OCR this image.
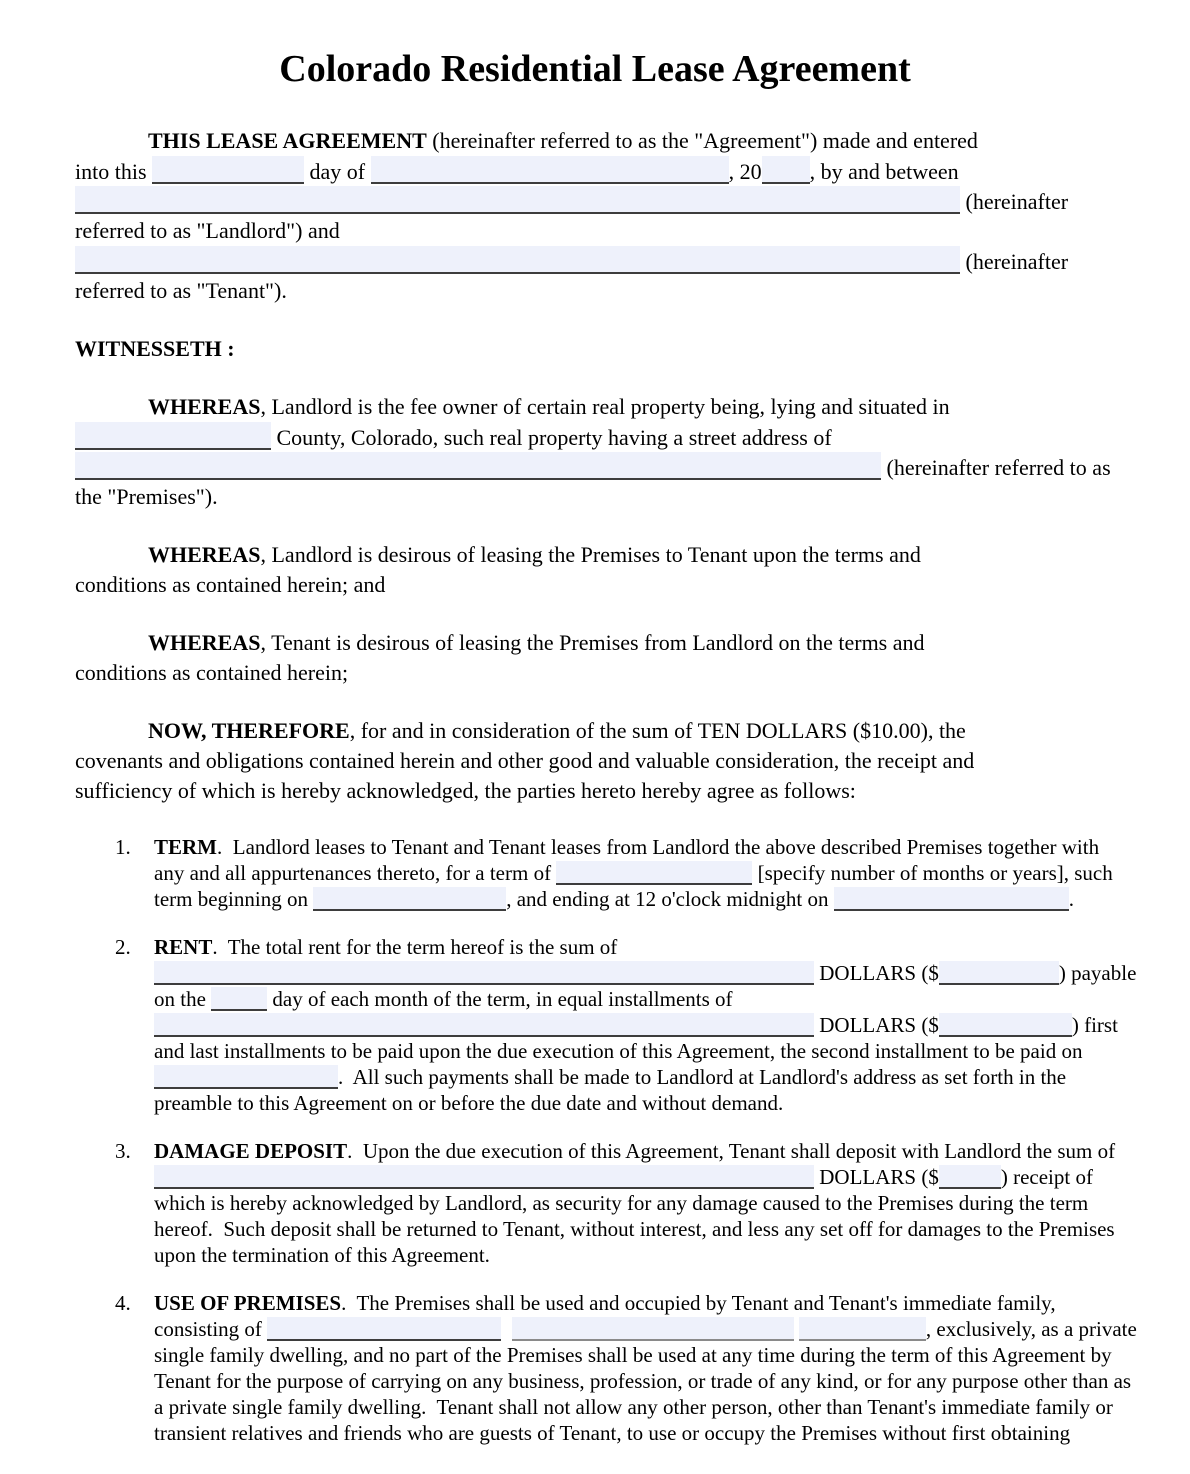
Colorado Residential Lease Agreement
THIS LEASE AGREEMENT (hereinafter referred to as the "Agreement") made and entered
into this	day of	, 20 , by and between
(hereinafter
referred to as "Landlord") and
(hereinafter
referred to as "Tenant").
WITNESSETH :
WHEREAS, Landlord is the fee owner of certain real property being, lying and situated in
County, Colorado, such real property having a street address of
(hereinafter referred to as
the "Premises").
WHEREAS, Landlord is desirous of leasing the Premises to Tenant upon the terms and
conditions as contained herein; and
WHEREAS, Tenant is desirous of leasing the Premises from Landlord on the terms and
conditions as contained herein;
NOW, THEREFORE, for and in consideration of the sum of TEN DOLLARS ($10.00), the
covenants and obligations contained herein and other good and valuable consideration, the receipt and
sufficiency of which is hereby acknowledged, the parties hereto hereby agree as follows:
1. TERM.  Landlord leases to Tenant and Tenant leases from Landlord the above described Premises together with
any and all appurtenances thereto, for a term of	[specify number of months or years], such
term beginning on	, and ending at 12 o'clock midnight on	.
2. RENT.  The total rent for the term hereof is the sum of
DOLLARS ($	) payable
on the	day of each month of the term, in equal installments of
DOLLARS ($	) first
and last installments to be paid upon the due execution of this Agreement, the second installment to be paid on
.  All such payments shall be made to Landlord at Landlord's address as set forth in the
preamble to this Agreement on or before the due date and without demand.
3. DAMAGE DEPOSIT.  Upon the due execution of this Agreement, Tenant shall deposit with Landlord the sum of
DOLLARS ($	) receipt of
which is hereby acknowledged by Landlord, as security for any damage caused to the Premises during the term
hereof.  Such deposit shall be returned to Tenant, without interest, and less any set off for damages to the Premises
upon the termination of this Agreement.
4. USE OF PREMISES.  The Premises shall be used and occupied by Tenant and Tenant's immediate family,
consisting of	, exclusively, as a private
single family dwelling, and no part of the Premises shall be used at any time during the term of this Agreement by
Tenant for the purpose of carrying on any business, profession, or trade of any kind, or for any purpose other than as
a private single family dwelling.  Tenant shall not allow any other person, other than Tenant's immediate family or
transient relatives and friends who are guests of Tenant, to use or occupy the Premises without first obtaining
